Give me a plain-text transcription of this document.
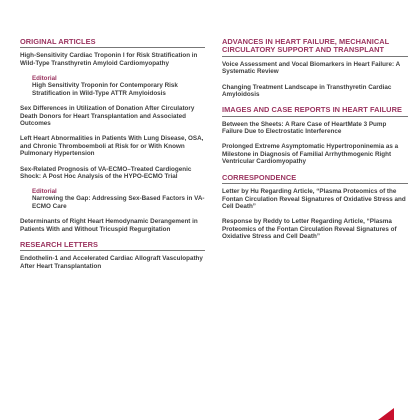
ORIGINAL ARTICLES
High-Sensitivity Cardiac Troponin I for Risk Stratification in Wild-Type Transthyretin Amyloid Cardiomyopathy
Editorial
High Sensitivity Troponin for Contemporary Risk Stratification in Wild-Type ATTR Amyloidosis
Sex Differences in Utilization of Donation After Circulatory Death Donors for Heart Transplantation and Associated Outcomes
Left Heart Abnormalities in Patients With Lung Disease, OSA, and Chronic Thromboemboli at Risk for or With Known Pulmonary Hypertension
Sex-Related Prognosis of VA-ECMO–Treated Cardiogenic Shock: A Post Hoc Analysis of the HYPO-ECMO Trial
Editorial
Narrowing the Gap: Addressing Sex-Based Factors in VA-ECMO Care
Determinants of Right Heart Hemodynamic Derangement in Patients With and Without Tricuspid Regurgitation
RESEARCH LETTERS
Endothelin-1 and Accelerated Cardiac Allograft Vasculopathy After Heart Transplantation
ADVANCES IN HEART FAILURE, MECHANICAL CIRCULATORY SUPPORT AND TRANSPLANT
Voice Assessment and Vocal Biomarkers in Heart Failure: A Systematic Review
Changing Treatment Landscape in Transthyretin Cardiac Amyloidosis
IMAGES AND CASE REPORTS IN HEART FAILURE
Between the Sheets: A Rare Case of HeartMate 3 Pump Failure Due to Electrostatic Interference
Prolonged Extreme Asymptomatic Hypertroponinemia as a Milestone in Diagnosis of Familial Arrhythmogenic Right Ventricular Cardiomyopathy
CORRESPONDENCE
Letter by Hu Regarding Article, “Plasma Proteomics of the Fontan Circulation Reveal Signatures of Oxidative Stress and Cell Death”
Response by Reddy to Letter Regarding Article, “Plasma Proteomics of the Fontan Circulation Reveal Signatures of Oxidative Stress and Cell Death”
